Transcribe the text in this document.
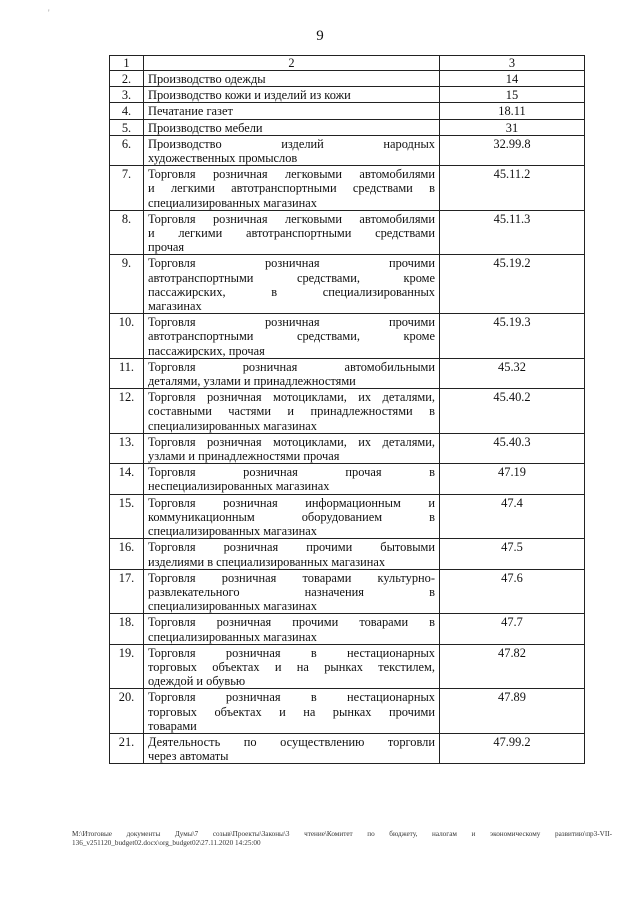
'
9
1	2	3
2.	Производство одежды	14
3.	Производство кожи и изделий из кожи	15
4.	Печатание газет	18.11
5.	Производство мебели	31
6.	Производство изделий народных
художественных промыслов	32.99.8
7.	Торговля розничная легковыми автомобилями
и легкими автотранспортными средствами в
специализированных магазинах	45.11.2
8.	Торговля розничная легковыми автомобилями
и легкими автотранспортными средствами
прочая	45.11.3
9.	Торговля розничная прочими
автотранспортными средствами, кроме
пассажирских, в специализированных
магазинах	45.19.2
10.	Торговля розничная прочими
автотранспортными средствами, кроме
пассажирских, прочая	45.19.3
11.	Торговля розничная автомобильными
деталями, узлами и принадлежностями	45.32
12.	Торговля розничная мотоциклами, их деталями,
составными частями и принадлежностями в
специализированных магазинах	45.40.2
13.	Торговля розничная мотоциклами, их деталями,
узлами и принадлежностями прочая	45.40.3
14.	Торговля розничная прочая в
неспециализированных магазинах	47.19
15.	Торговля розничная информационным и
коммуникационным оборудованием в
специализированных магазинах	47.4
16.	Торговля розничная прочими бытовыми
изделиями в специализированных магазинах	47.5
17.	Торговля розничная товарами культурно-
развлекательного назначения в
специализированных магазинах	47.6
18.	Торговля розничная прочими товарами в
специализированных магазинах	47.7
19.	Торговля розничная в нестационарных
торговых объектах и на рынках текстилем,
одеждой и обувью	47.82
20.	Торговля розничная в нестационарных
торговых объектах и на рынках прочими
товарами	47.89
21.	Деятельность по осуществлению торговли
через автоматы	47.99.2
М:\Итоговые документы Думы\7 созыв\Проекты\Законы\3 чтение\Комитет по бюджету, налогам и экономическому развитию\пр3-VII-
136_v251120_budget02.docx\org_budget02\27.11.2020 14:25:00
